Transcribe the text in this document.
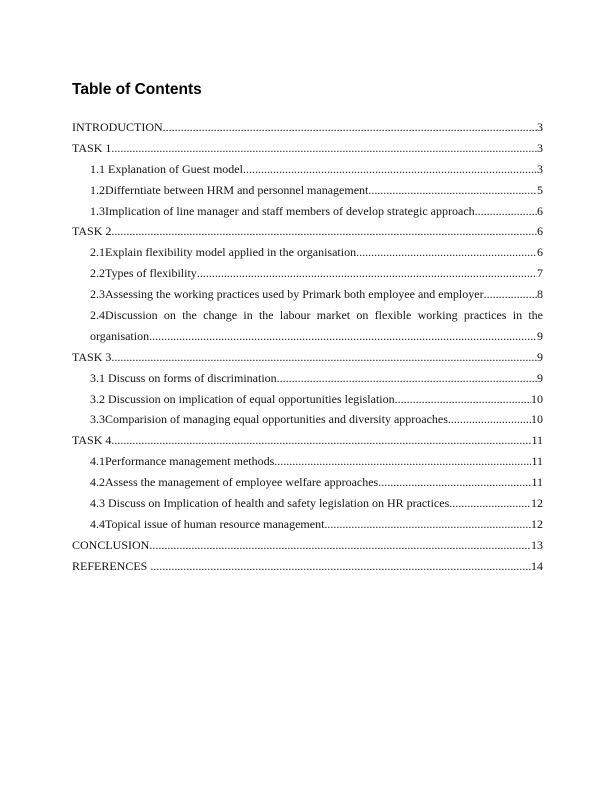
Table of Contents
INTRODUCTION .....	3
TASK 1 .....	3
1.1 Explanation of Guest model .....	3
1.2Differntiate between HRM and personnel management .....	5
1.3Implication of line manager and staff members of develop strategic approach .....	6
TASK 2 .....	6
2.1Explain flexibility model applied in the organisation .....	6
2.2Types of flexibility .....	7
2.3Assessing the working practices used by Primark both employee and employer .....	8
2.4Discussion on the change in the labour market on flexible working practices in the
organisation .....	9
TASK 3 .....	9
3.1 Discuss on forms of discrimination .....	9
3.2 Discussion on implication of equal opportunities legislation .....	10
3.3Comparision of managing equal opportunities and diversity approaches .....	10
TASK 4 .....	11
4.1Performance management methods .....	11
4.2Assess the management of employee welfare approaches .....	11
4.3 Discuss on Implication of health and safety legislation on HR practices .....	12
4.4Topical issue of human resource management .....	12
CONCLUSION .....	13
REFERENCES .....	14
